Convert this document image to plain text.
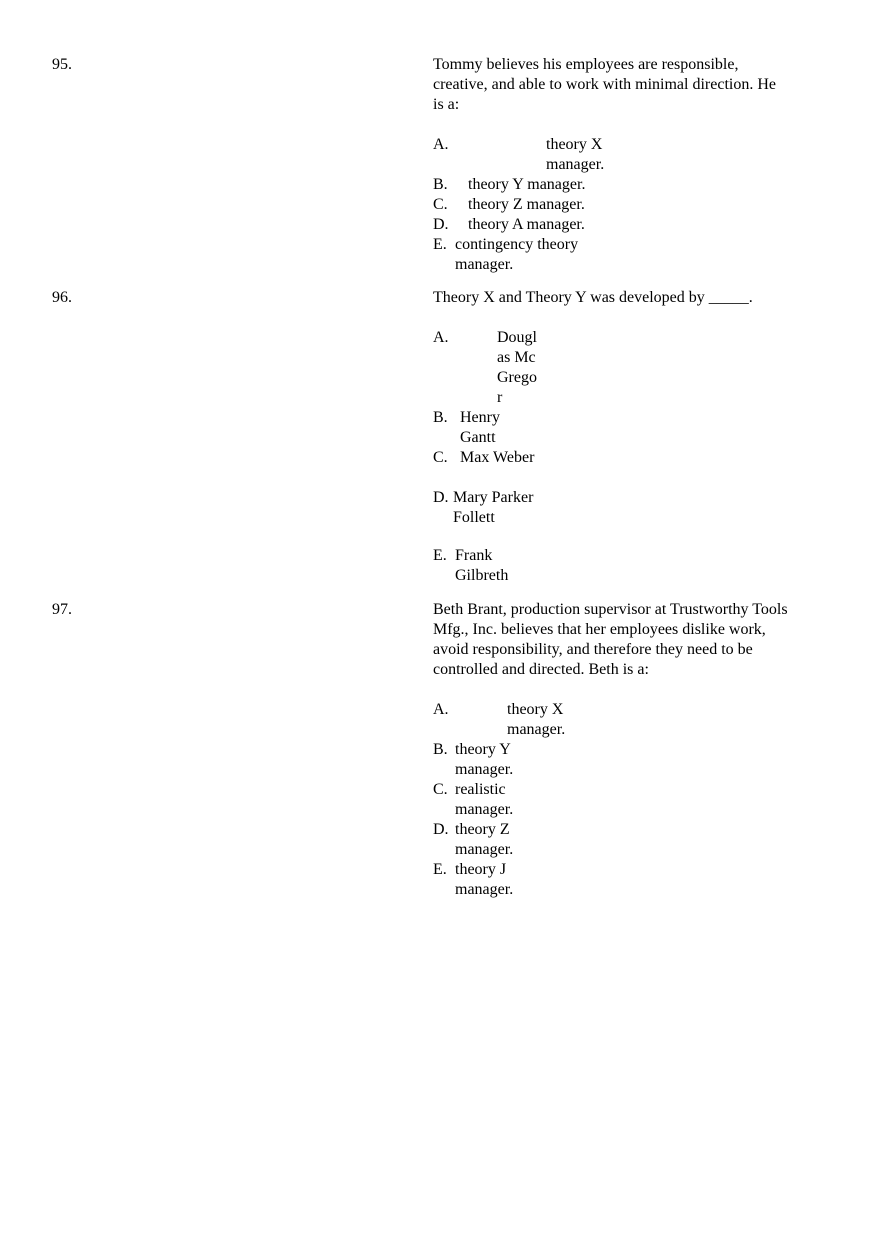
95.	Tommy believes his employees are responsible, creative, and able to work with minimal direction. He is a:

A.	theory X manager.
B.	theory Y manager.
C.	theory Z manager.
D.	theory A manager.
E. contingency theory manager.
96.	Theory X and Theory Y was developed by _____.

A.	Douglas McGregor
B. Henry Gantt
C. Max Weber
D. Mary Parker Follett
E. Frank Gilbreth
97.	Beth Brant, production supervisor at Trustworthy Tools Mfg., Inc. believes that her employees dislike work, avoid responsibility, and therefore they need to be controlled and directed. Beth is a:

A.	theory X manager.
B. theory Y manager.
C. realistic manager.
D. theory Z manager.
E. theory J manager.
